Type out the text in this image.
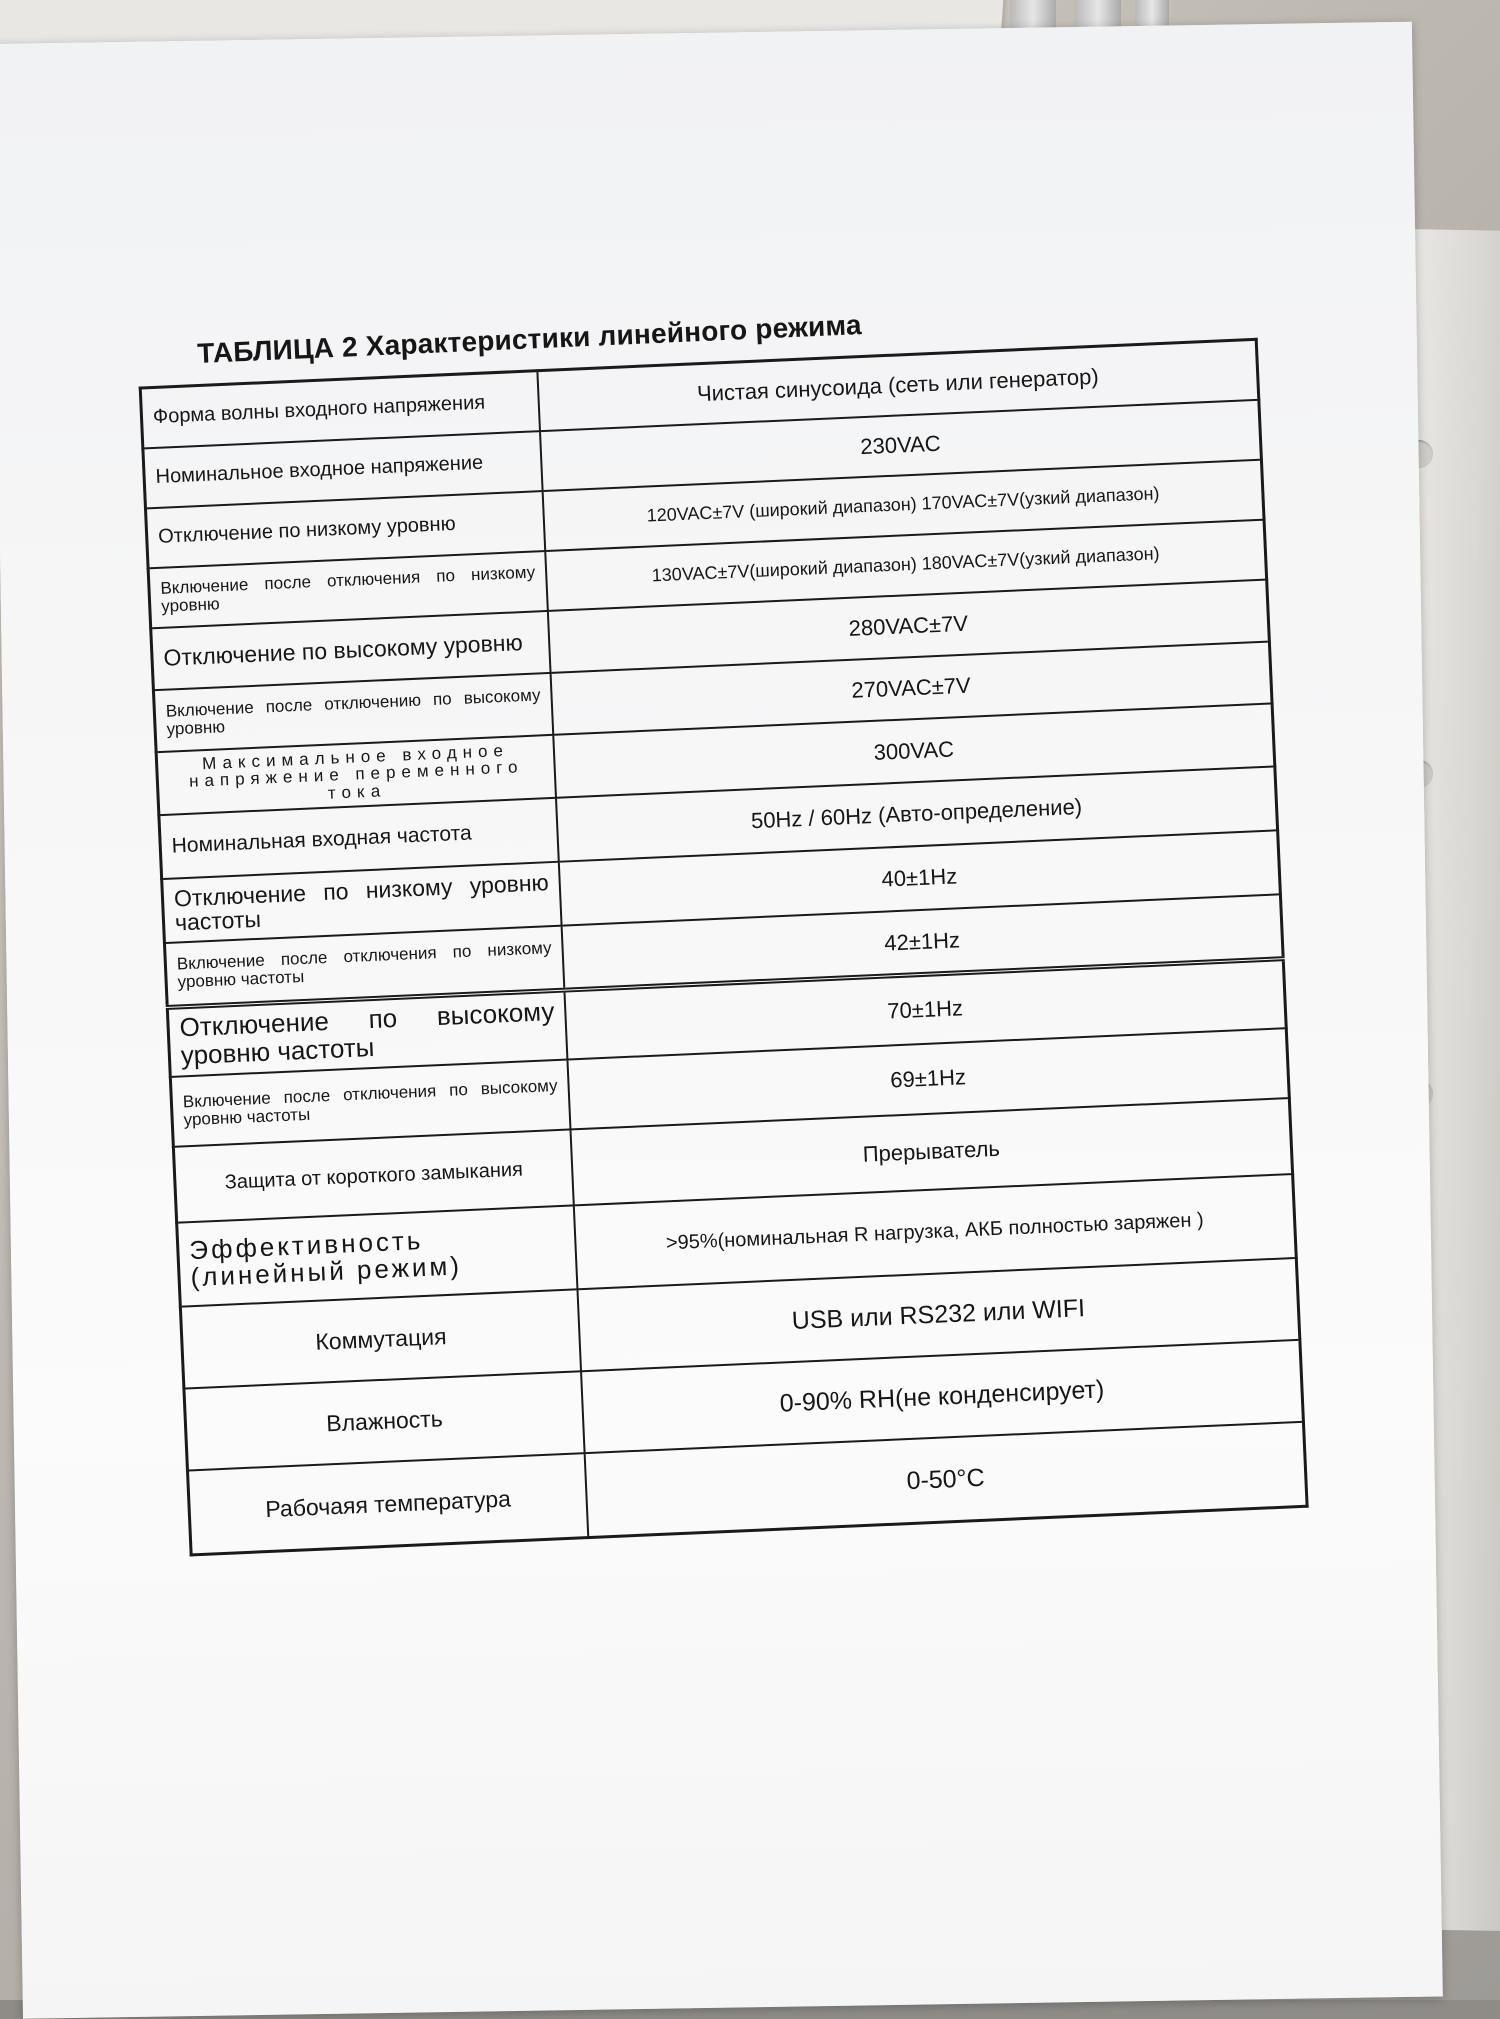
ТАБЛИЦА 2 Характеристики линейного режима
Форма волны входного напряжения	Чистая синусоида (сеть или генератор)
Номинальное входное напряжение	230VAC
Отключение по низкому уровню	120VAC±7V (широкий диапазон) 170VAC±7V(узкий диапазон)
Включение после отключения по низкому уровню	130VAC±7V(широкий диапазон) 180VAC±7V(узкий диапазон)
Отключение по высокому уровню	280VAC±7V
Включение после отключению по высокому уровню	270VAC±7V
Максимальное входное напряжение переменного тока	300VAC
Номинальная входная частота	50Hz / 60Hz (Авто-определение)
Отключение по низкому уровню частоты	40±1Hz
Включение после отключения по низкому уровню частоты	42±1Hz
Отключение по высокому уровню частоты	70±1Hz
Включение после отключения по высокому уровню частоты	69±1Hz
Защита от короткого замыкания	Прерыватель
Эффективность (линейный режим)	>95%(номинальная R нагрузка, АКБ полностью заряжен )
Коммутация	USB или RS232 или WIFI
Влажность	0-90% RH(не конденсирует)
Рабочаяя температура	0-50°C
